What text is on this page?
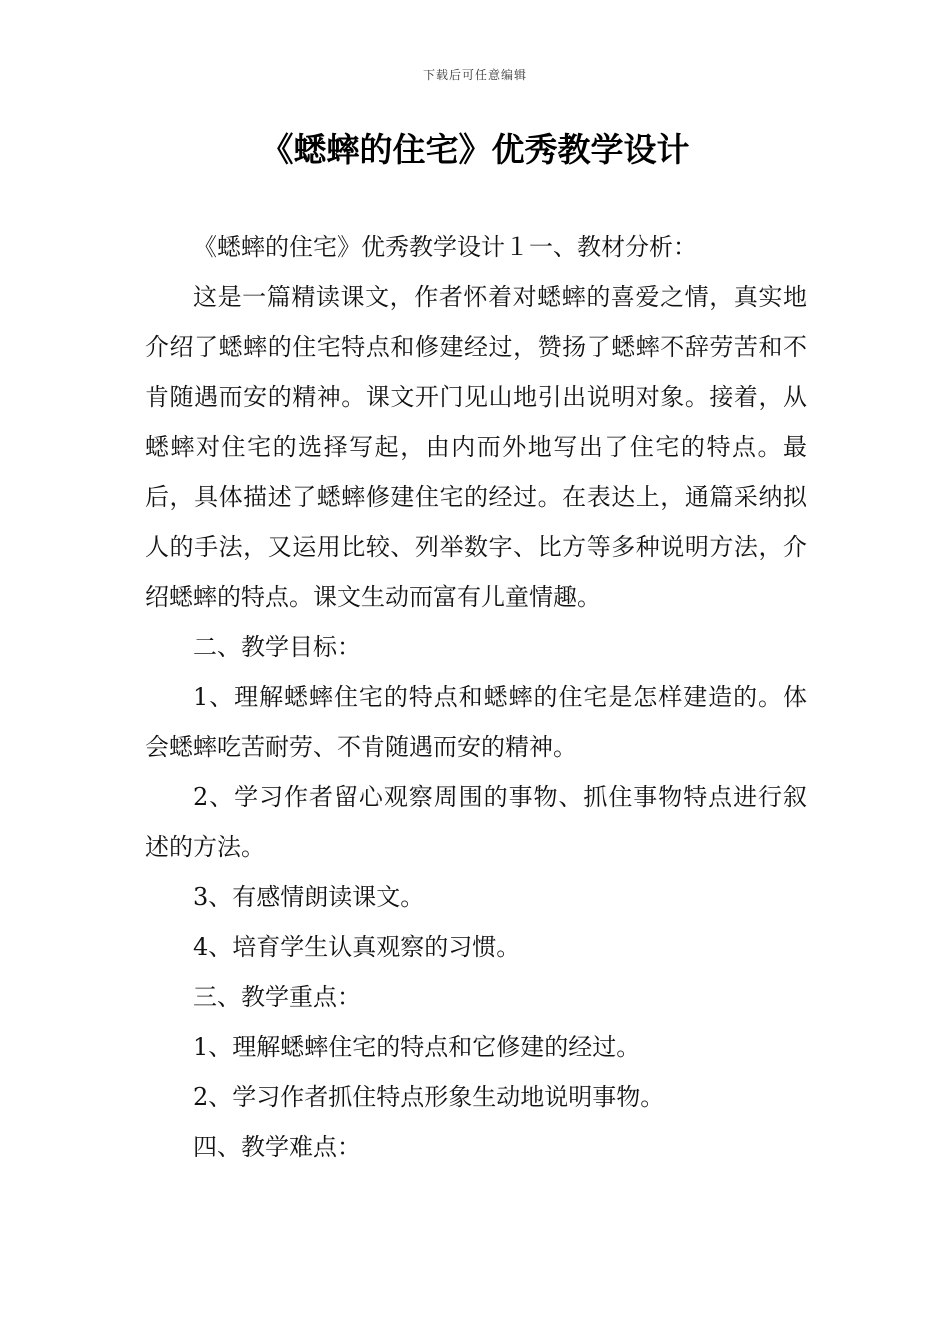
下载后可任意编辑
《蟋蟀的住宅》优秀教学设计

《蟋蟀的住宅》优秀教学设计１一、教材分析：

这是一篇精读课文，作者怀着对蟋蟀的喜爱之情，真实地介绍了蟋蟀的住宅特点和修建经过，赞扬了蟋蟀不辞劳苦和不肯随遇而安的精神。课文开门见山地引出说明对象。接着，从蟋蟀对住宅的选择写起，由内而外地写出了住宅的特点。最后，具体描述了蟋蟀修建住宅的经过。在表达上，通篇采纳拟人的手法，又运用比较、列举数字、比方等多种说明方法，介绍蟋蟀的特点。课文生动而富有儿童情趣。

二、教学目标：

1、理解蟋蟀住宅的特点和蟋蟀的住宅是怎样建造的。体会蟋蟀吃苦耐劳、不肯随遇而安的精神。

2、学习作者留心观察周围的事物、抓住事物特点进行叙述的方法。

3、有感情朗读课文。

4、培育学生认真观察的习惯。

三、教学重点：

1、理解蟋蟀住宅的特点和它修建的经过。

2、学习作者抓住特点形象生动地说明事物。

四、教学难点：
